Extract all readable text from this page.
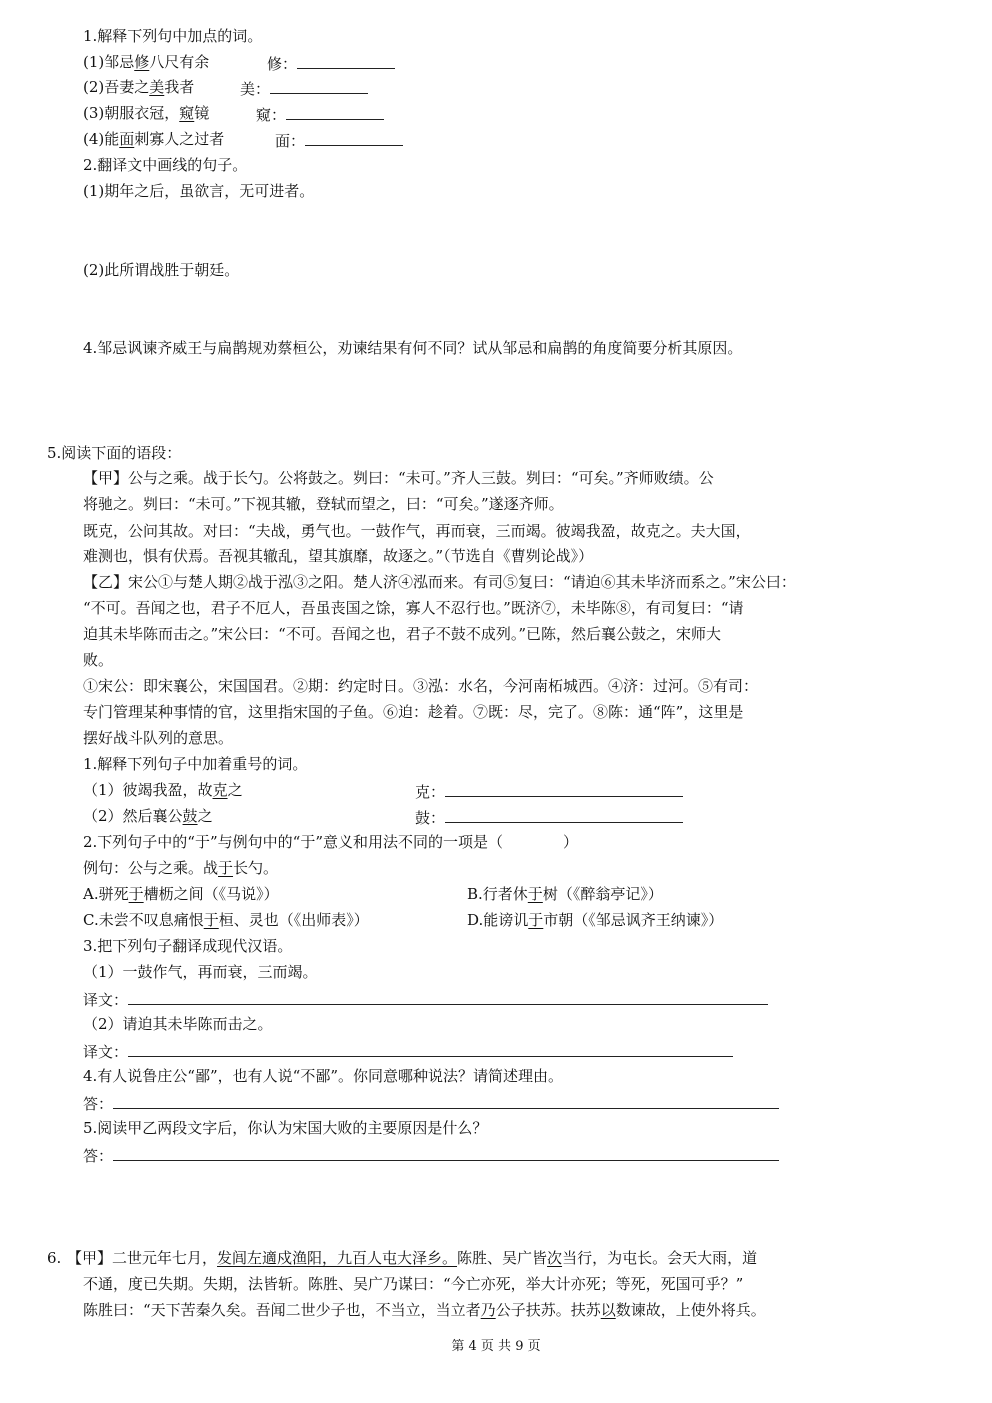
1.解释下列句中加点的词。
(1)邹忌修八尺有余	修：
(2)吾妻之美我者	美：
(3)朝服衣冠，窥镜	窥：
(4)能面刺寡人之过者	面：
2.翻译文中画线的句子。
(1)期年之后，虽欲言，无可进者。
(2)此所谓战胜于朝廷。
4.邹忌讽谏齐威王与扁鹊规劝蔡桓公，劝谏结果有何不同？试从邹忌和扁鹊的角度简要分析其原因。
5.阅读下面的语段：
【甲】公与之乘。战于长勺。公将鼓之。刿曰：“未可。”齐人三鼓。刿曰：“可矣。”齐师败绩。公
将驰之。刿曰：“未可。”下视其辙，登轼而望之，曰：“可矣。”遂逐齐师。
既克，公问其故。对曰：“夫战，勇气也。一鼓作气，再而衰，三而竭。彼竭我盈，故克之。夫大国，
难测也，惧有伏焉。吾视其辙乱，望其旗靡，故逐之。”（节选自《曹刿论战》）
【乙】宋公①与楚人期②战于泓③之阳。楚人济④泓而来。有司⑤复曰：“请迫⑥其未毕济而系之。”宋公曰：
“不可。吾闻之也，君子不厄人，吾虽丧国之馀，寡人不忍行也。”既济⑦，未毕陈⑧，有司复曰：“请
迫其未毕陈而击之。”宋公曰：“不可。吾闻之也，君子不鼓不成列。”已陈，然后襄公鼓之，宋师大
败。
①宋公：即宋襄公，宋国国君。②期：约定时日。③泓：水名，今河南柘城西。④济：过河。⑤有司：
专门管理某种事情的官，这里指宋国的子鱼。⑥迫：趁着。⑦既：尽，完了。⑧陈：通“阵”，这里是
摆好战斗队列的意思。
1.解释下列句子中加着重号的词。
（1）彼竭我盈，故克之	克：
（2）然后襄公鼓之	鼓：
2.下列句子中的“于”与例句中的“于”意义和用法不同的一项是（　　　　）
例句：公与之乘。战于长勺。
A.骈死于槽枥之间（《马说》）	B.行者休于树（《醉翁亭记》）
C.未尝不叹息痛恨于桓、灵也（《出师表》）	D.能谤讥于市朝（《邹忌讽齐王纳谏》）
3.把下列句子翻译成现代汉语。
（1）一鼓作气，再而衰，三而竭。
译文：
（2）请迫其未毕陈而击之。
译文：
4.有人说鲁庄公“鄙”，也有人说“不鄙”。你同意哪种说法？请简述理由。
答：
5.阅读甲乙两段文字后，你认为宋国大败的主要原因是什么？
答：
6. 【甲】二世元年七月，发闾左適戍渔阳，九百人屯大泽乡。陈胜、吴广皆次当行，为屯长。会天大雨，道
不通，度已失期。失期，法皆斩。陈胜、吴广乃谋曰：“今亡亦死，举大计亦死；等死，死国可乎？”
陈胜曰：“天下苦秦久矣。吾闻二世少子也，不当立，当立者乃公子扶苏。扶苏以数谏故，上使外将兵。
第 4 页 共 9 页
